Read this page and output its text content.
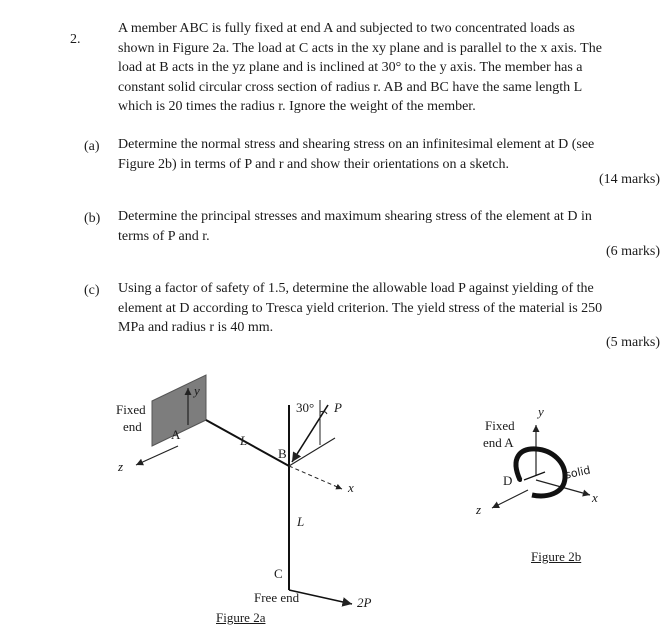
2.
A member ABC is fully fixed at end A and subjected to two concentrated loads as
shown in Figure 2a. The load at C acts in the xy plane and is parallel to the x axis. The
load at B acts in the yz plane and is inclined at 30° to the y axis. The member has a
constant solid circular cross section of radius r. AB and BC have the same length L
which is 20 times the radius r. Ignore the weight of the member.
(a) Determine the normal stress and shearing stress on an infinitesimal element at D (see
Figure 2b) in terms of P and r and show their orientations on a sketch.
(14 marks)
(b) Determine the principal stresses and maximum shearing stress of the element at D in
terms of P and r.
(6 marks)
(c) Using a factor of safety of 1.5, determine the allowable load P against yielding of the
element at D according to Tresca yield criterion. The yield stress of the material is 250
MPa and radius r is 40 mm.
(5 marks)
Fixed
end
A
y
z
L
B
30° P
x
L
C
Free end	2P
Figure 2a
Fixed
end A
y
D	solid
x
z
Figure 2b
